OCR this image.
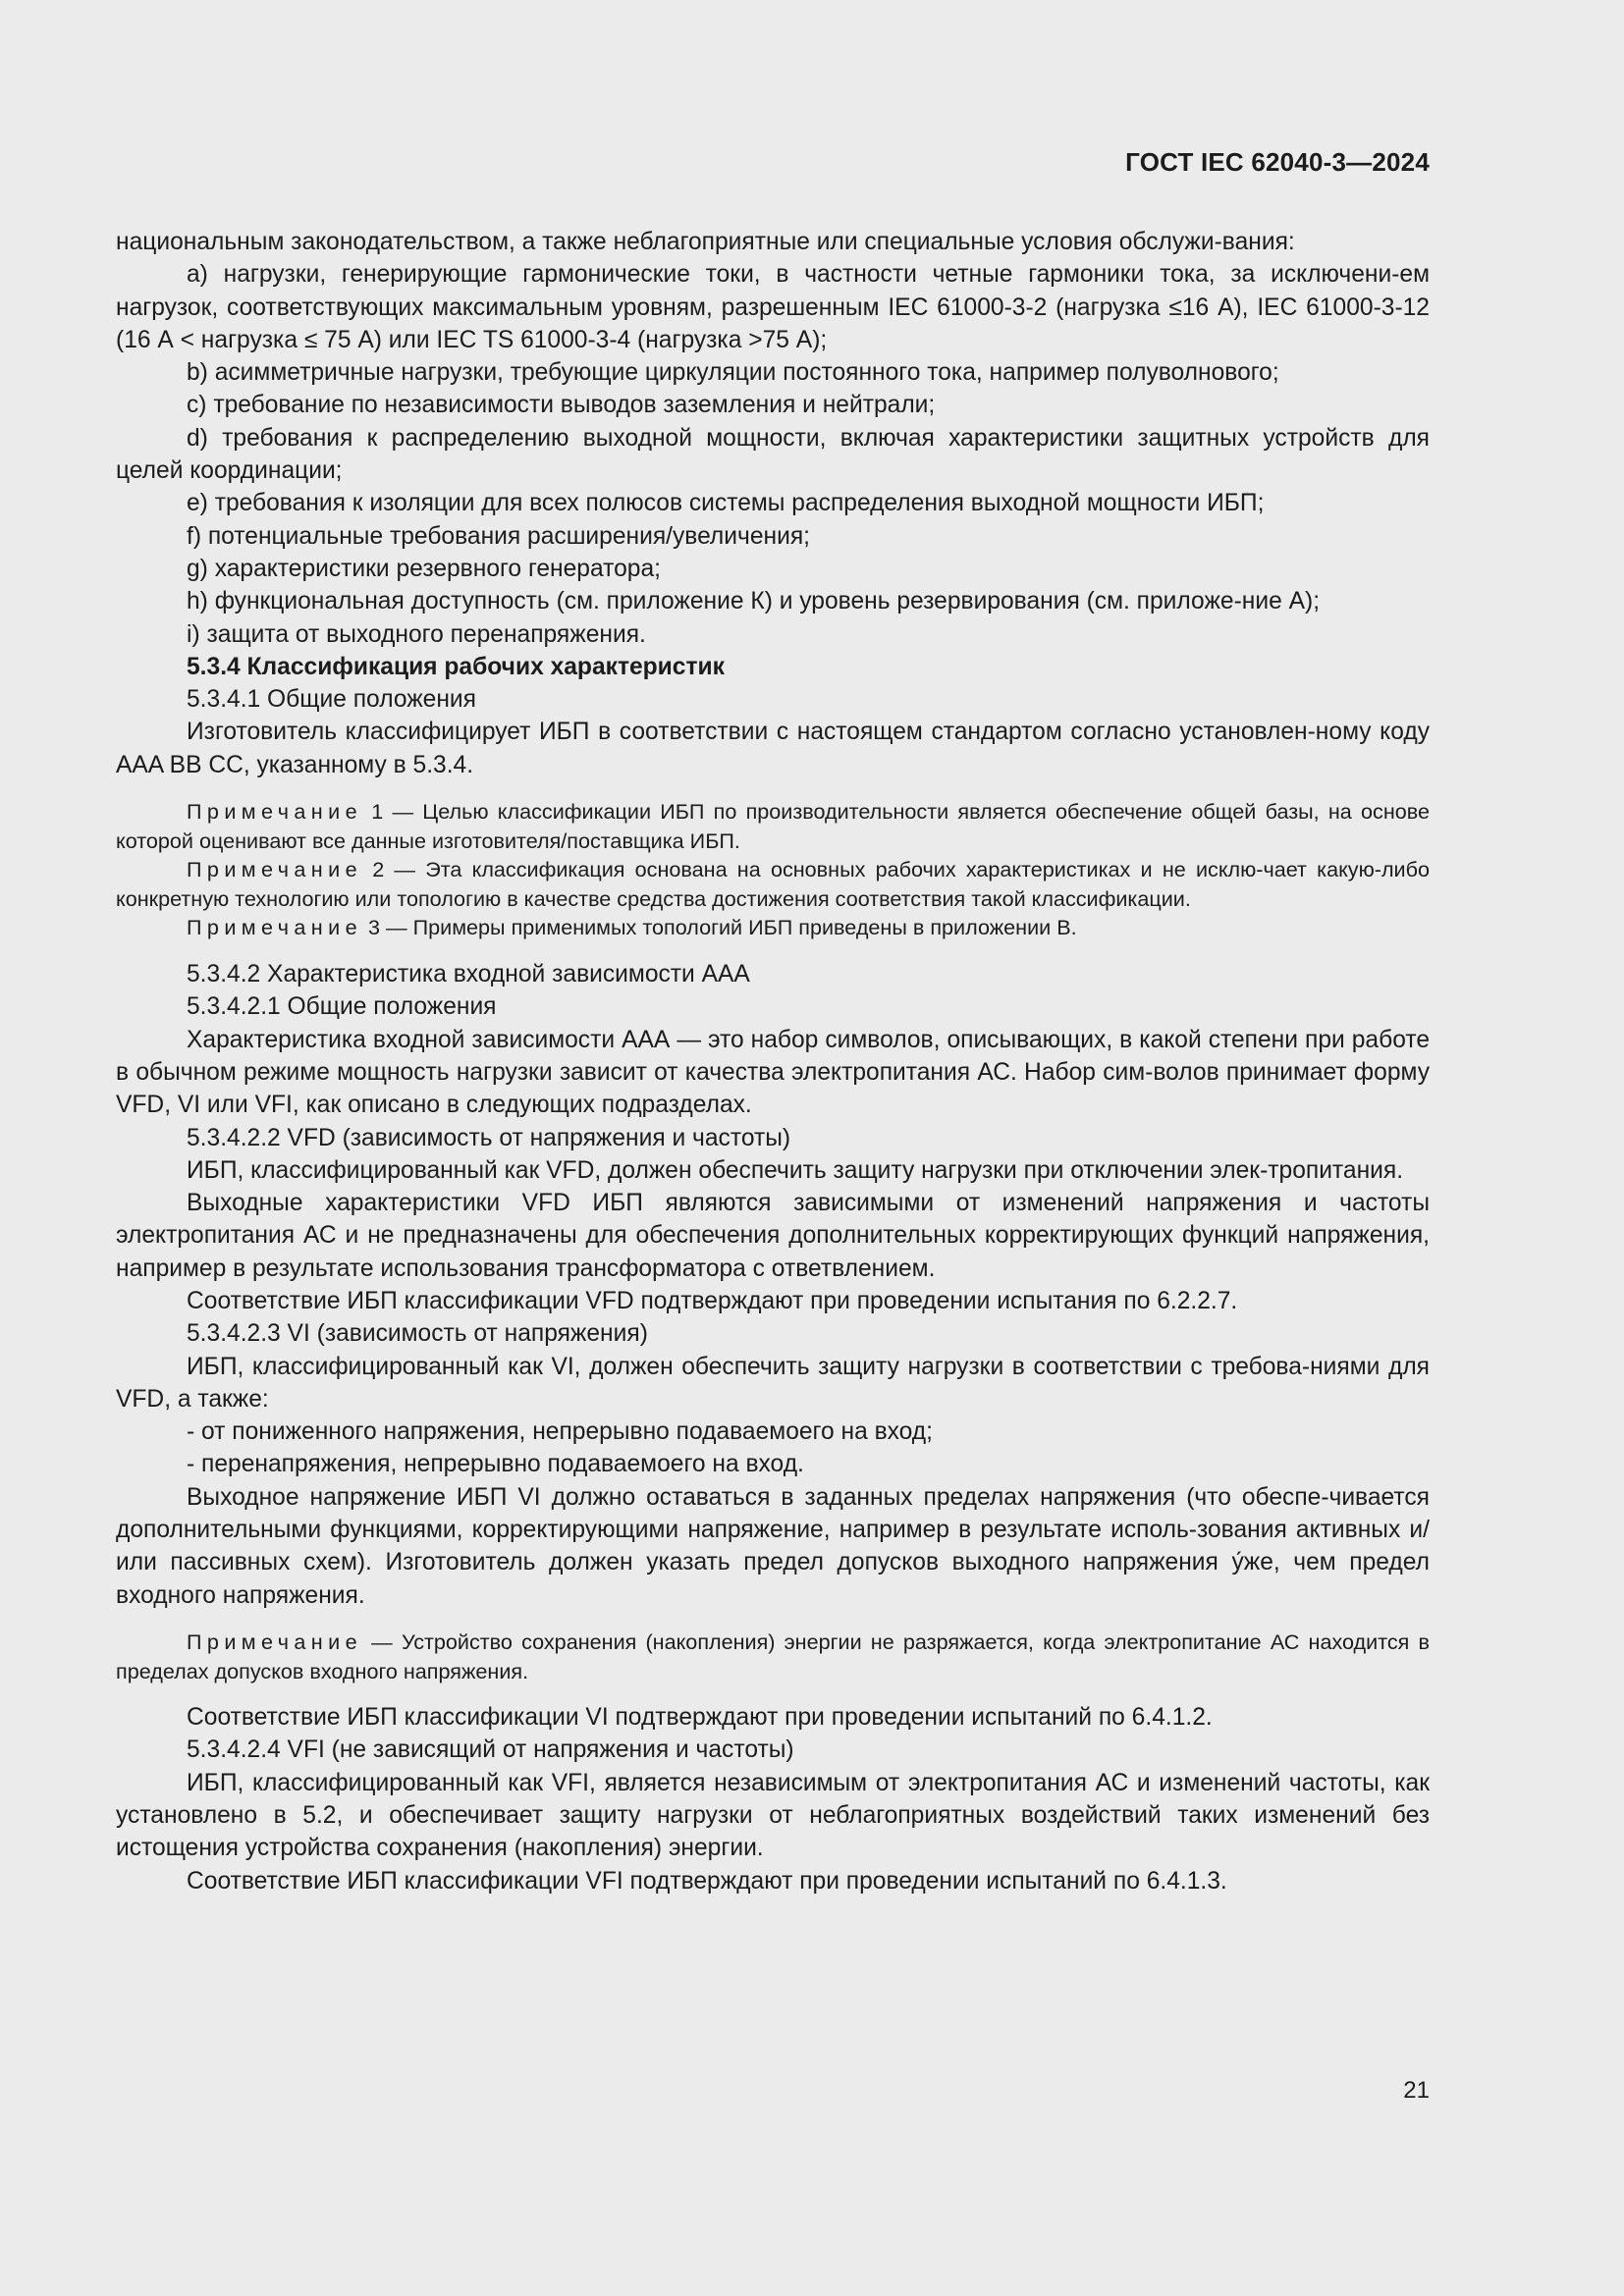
ГОСТ IEC 62040-3—2024

национальным законодательством, а также неблагоприятные или специальные условия обслужи-вания:

а) нагрузки, генерирующие гармонические токи, в частности четные гармоники тока, за исключени-ем нагрузок, соответствующих максимальным уровням, разрешенным IEC 61000-3-2 (нагрузка ≤16 А), IEC 61000-3-12 (16 А < нагрузка ≤ 75 А) или IEC TS 61000-3-4 (нагрузка >75 А);

b) асимметричные нагрузки, требующие циркуляции постоянного тока, например полуволнового;

c) требование по независимости выводов заземления и нейтрали;

d) требования к распределению выходной мощности, включая характеристики защитных устройств для целей координации;

e) требования к изоляции для всех полюсов системы распределения выходной мощности ИБП;

f) потенциальные требования расширения/увеличения;

g) характеристики резервного генератора;

h) функциональная доступность (см. приложение К) и уровень резервирования (см. приложе-ние А);

i) защита от выходного перенапряжения.

5.3.4 Классификация рабочих характеристик

5.3.4.1 Общие положения

Изготовитель классифицирует ИБП в соответствии с настоящем стандартом согласно установлен-ному коду AAA BB CC, указанному в 5.3.4.

Примечание 1 — Целью классификации ИБП по производительности является обеспечение общей базы, на основе которой оценивают все данные изготовителя/поставщика ИБП.

Примечание 2 — Эта классификация основана на основных рабочих характеристиках и не исклю-чает какую-либо конкретную технологию или топологию в качестве средства достижения соответствия такой классификации.

Примечание 3 — Примеры применимых топологий ИБП приведены в приложении В.

5.3.4.2 Характеристика входной зависимости ААА

5.3.4.2.1 Общие положения

Характеристика входной зависимости ААА — это набор символов, описывающих, в какой степени при работе в обычном режиме мощность нагрузки зависит от качества электропитания АС. Набор сим-волов принимает форму VFD, VI или VFI, как описано в следующих подразделах.

5.3.4.2.2 VFD (зависимость от напряжения и частоты)

ИБП, классифицированный как VFD, должен обеспечить защиту нагрузки при отключении элек-тропитания.

Выходные характеристики VFD ИБП являются зависимыми от изменений напряжения и частоты электропитания АС и не предназначены для обеспечения дополнительных корректирующих функций напряжения, например в результате использования трансформатора с ответвлением.

Соответствие ИБП классификации VFD подтверждают при проведении испытания по 6.2.2.7.

5.3.4.2.3 VI (зависимость от напряжения)

ИБП, классифицированный как VI, должен обеспечить защиту нагрузки в соответствии с требова-ниями для VFD, а также:

- от пониженного напряжения, непрерывно подаваемоего на вход;

- перенапряжения, непрерывно подаваемоего на вход.

Выходное напряжение ИБП VI должно оставаться в заданных пределах напряжения (что обеспе-чивается дополнительными функциями, корректирующими напряжение, например в результате исполь-зования активных и/или пассивных схем). Изготовитель должен указать предел допусков выходного напряжения у́же, чем предел входного напряжения.

Примечание — Устройство сохранения (накопления) энергии не разряжается, когда электропитание АС находится в пределах допусков входного напряжения.

Соответствие ИБП классификации VI подтверждают при проведении испытаний по 6.4.1.2.

5.3.4.2.4 VFI (не зависящий от напряжения и частоты)

ИБП, классифицированный как VFI, является независимым от электропитания АС и изменений частоты, как установлено в 5.2, и обеспечивает защиту нагрузки от неблагоприятных воздействий таких изменений без истощения устройства сохранения (накопления) энергии.

Соответствие ИБП классификации VFI подтверждают при проведении испытаний по 6.4.1.3.

21
